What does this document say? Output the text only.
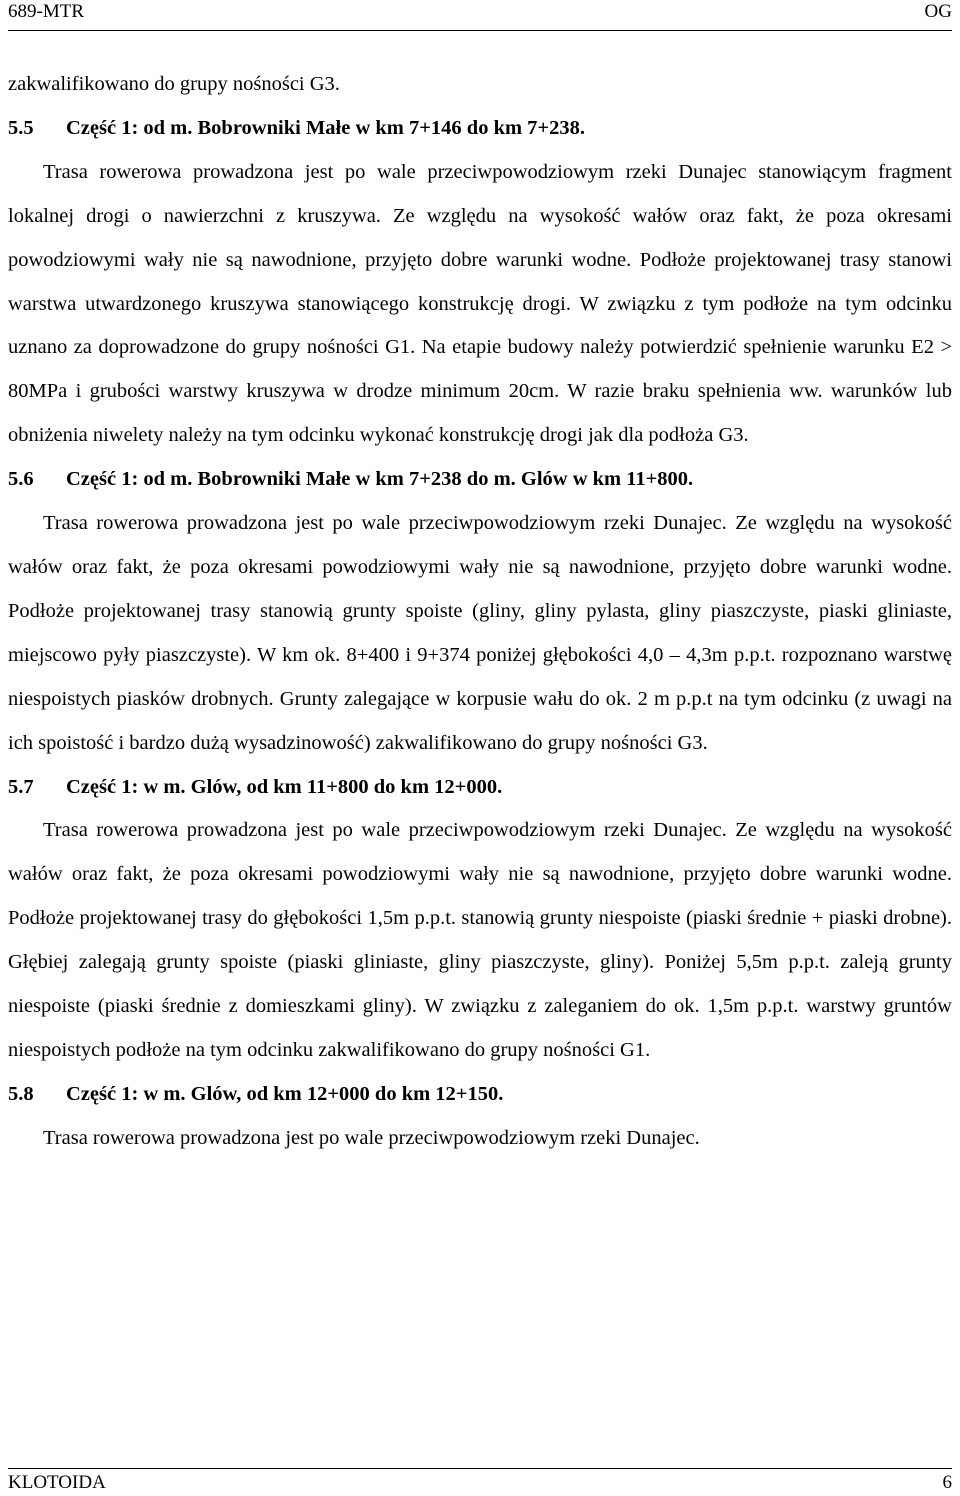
689-MTR	OG

zakwalifikowano do grupy nośności G3.

5.5	Część 1: od m. Bobrowniki Małe w km 7+146 do km 7+238.

Trasa rowerowa prowadzona jest po wale przeciwpowodziowym rzeki Dunajec stanowiącym fragment lokalnej drogi o nawierzchni z kruszywa. Ze względu na wysokość wałów oraz fakt, że poza okresami powodziowymi wały nie są nawodnione, przyjęto dobre warunki wodne. Podłoże projektowanej trasy stanowi warstwa utwardzonego kruszywa stanowiącego konstrukcję drogi. W związku z tym podłoże na tym odcinku uznano za doprowadzone do grupy nośności G1. Na etapie budowy należy potwierdzić spełnienie warunku E2 > 80MPa i grubości warstwy kruszywa w drodze minimum 20cm. W razie braku spełnienia ww. warunków lub obniżenia niwelety należy na tym odcinku wykonać konstrukcję drogi jak dla podłoża G3.

5.6	Część 1: od m. Bobrowniki Małe w km 7+238 do m. Glów w km 11+800.

Trasa rowerowa prowadzona jest po wale przeciwpowodziowym rzeki Dunajec. Ze względu na wysokość wałów oraz fakt, że poza okresami powodziowymi wały nie są nawodnione, przyjęto dobre warunki wodne. Podłoże projektowanej trasy stanowią grunty spoiste (gliny, gliny pylasta, gliny piaszczyste, piaski gliniaste, miejscowo pyły piaszczyste). W km ok. 8+400 i 9+374 poniżej głębokości 4,0 – 4,3m p.p.t. rozpoznano warstwę niespoistych piasków drobnych. Grunty zalegające w korpusie wału do ok. 2 m p.p.t na tym odcinku (z uwagi na ich spoistość i bardzo dużą wysadzinowość) zakwalifikowano do grupy nośności G3.

5.7	Część 1: w m. Glów, od km 11+800 do km 12+000.

Trasa rowerowa prowadzona jest po wale przeciwpowodziowym rzeki Dunajec. Ze względu na wysokość wałów oraz fakt, że poza okresami powodziowymi wały nie są nawodnione, przyjęto dobre warunki wodne. Podłoże projektowanej trasy do głębokości 1,5m p.p.t. stanowią grunty niespoiste (piaski średnie + piaski drobne). Głębiej zalegają grunty spoiste (piaski gliniaste, gliny piaszczyste, gliny). Poniżej 5,5m p.p.t. zaleją grunty niespoiste (piaski średnie z domieszkami gliny). W związku z zaleganiem do ok. 1,5m p.p.t. warstwy gruntów niespoistych podłoże na tym odcinku zakwalifikowano do grupy nośności G1.

5.8	Część 1: w m. Glów, od km 12+000 do km 12+150.

Trasa rowerowa prowadzona jest po wale przeciwpowodziowym rzeki Dunajec.

KLOTOIDA	6
